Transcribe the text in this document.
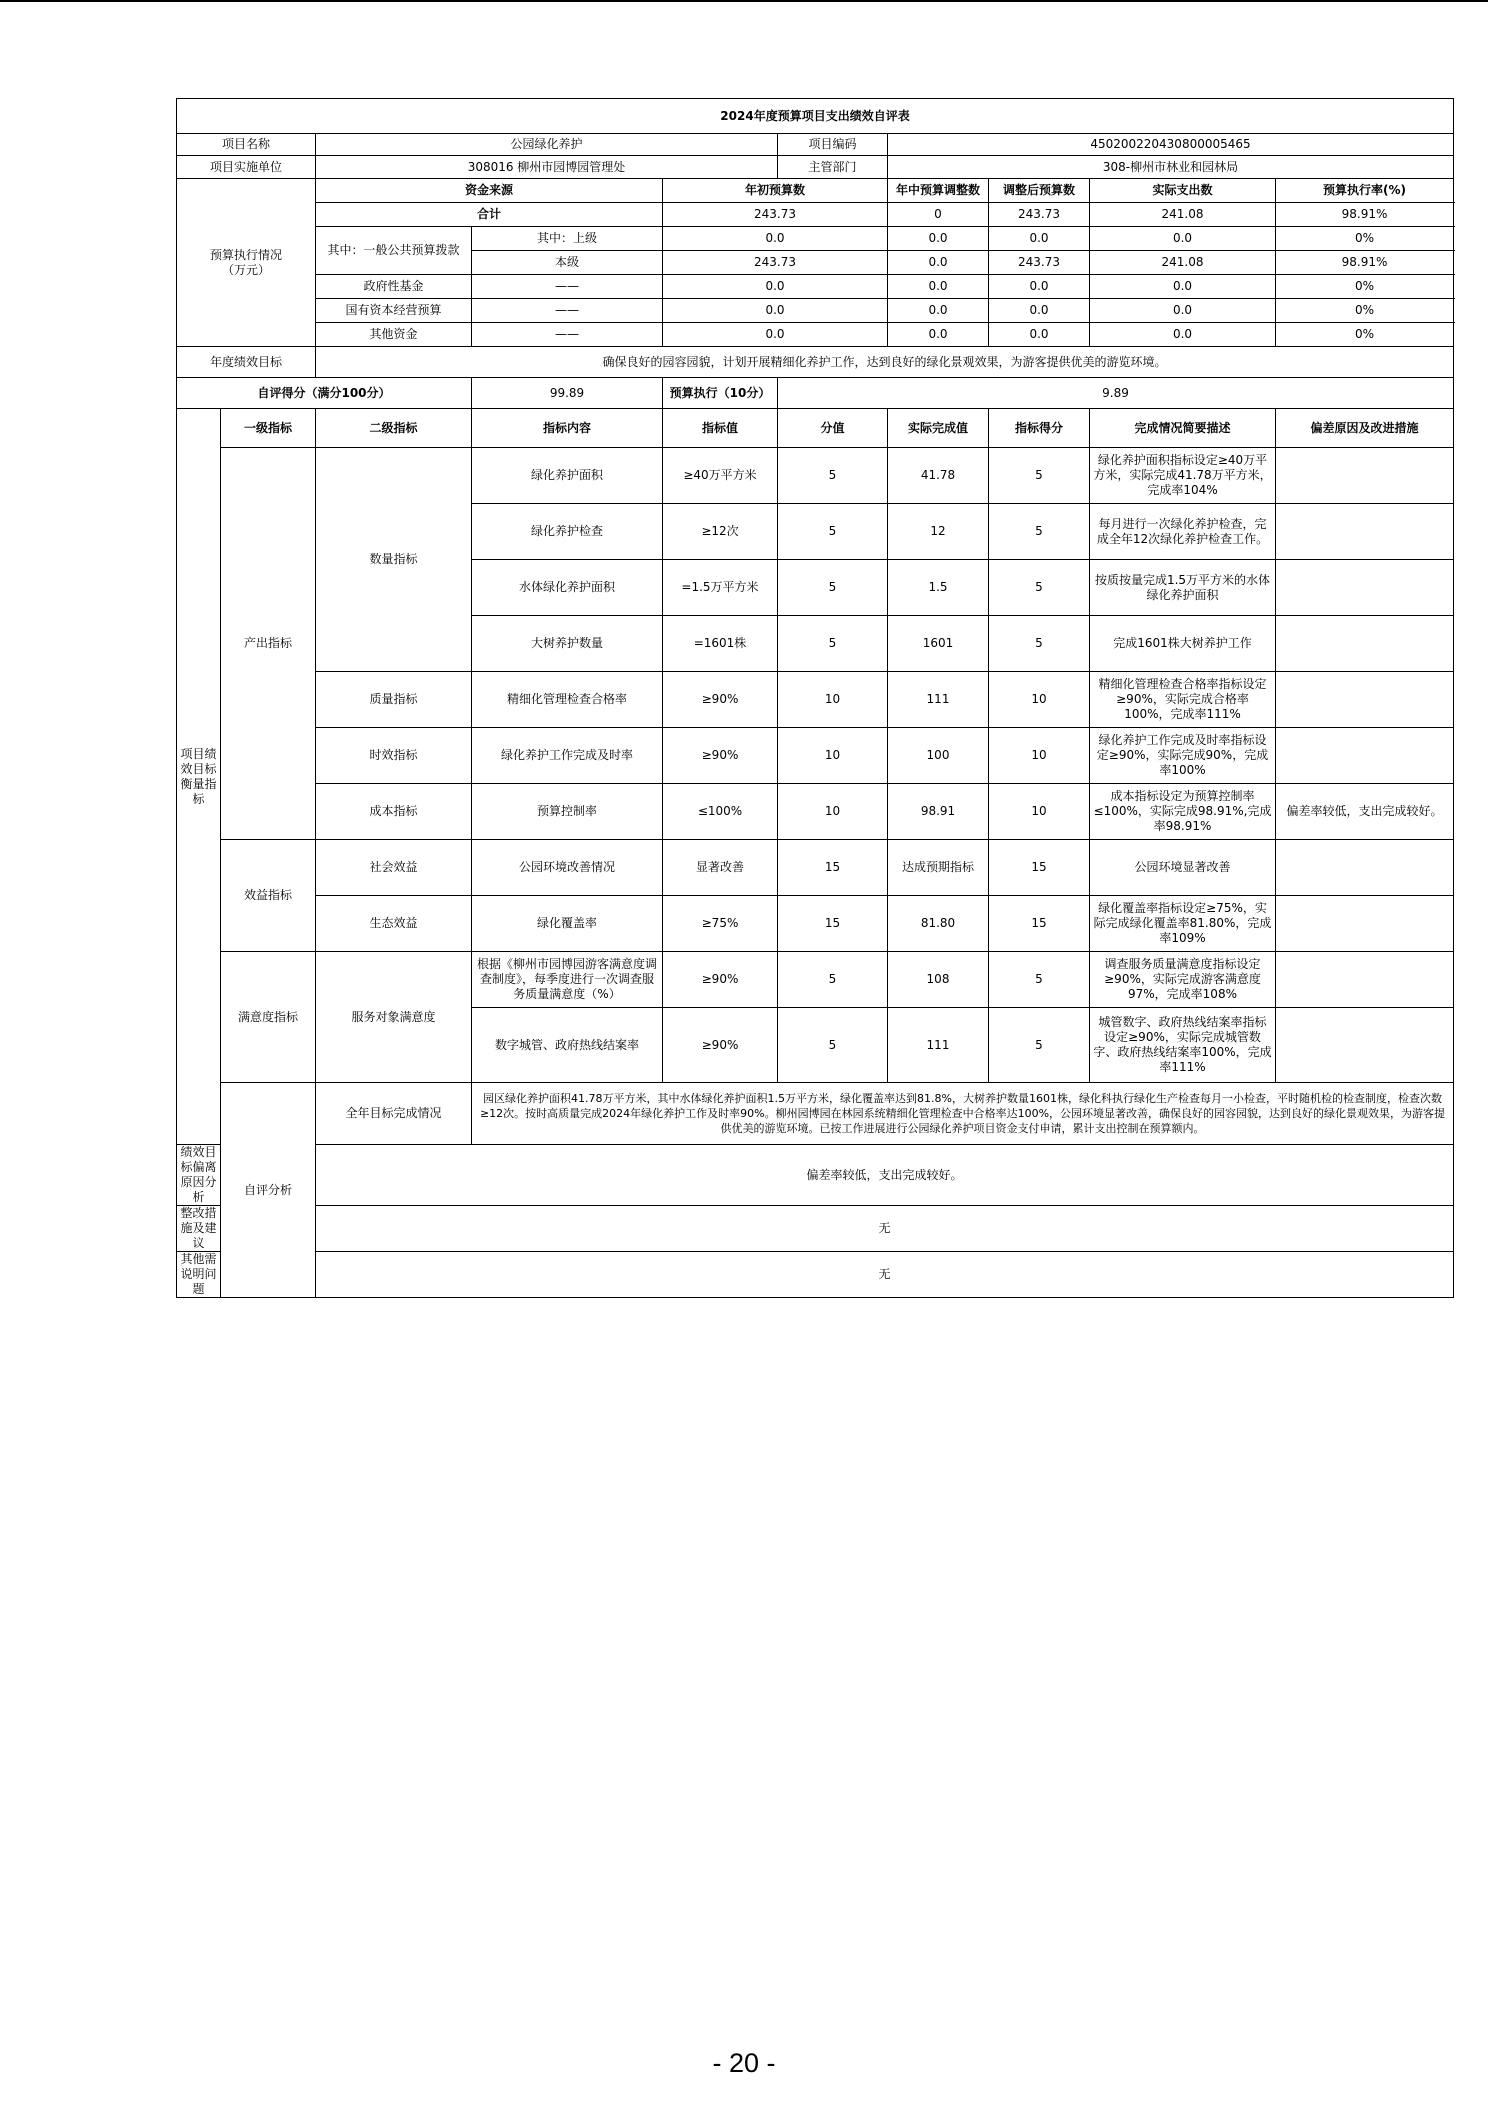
2024年度预算项目支出绩效自评表									
项目名称		公园绿化养护			项目编码	450200220430800005465			
项目实施单位		308016 柳州市园博园管理处			主管部门	308-柳州市林业和园林局			
预算执行情况
（万元）		资金来源		年初预算数		年中预算调整数	调整后预算数	实际支出数	预算执行率(%)
		合计		243.73		0	243.73	241.08	98.91%
		其中：一般公共预算拨款	其中：上级	0.0		0.0	0.0	0.0	0%
			本级	243.73		0.0	243.73	241.08	98.91%
		政府性基金	——	0.0		0.0	0.0	0.0	0%
		国有资本经营预算	——	0.0		0.0	0.0	0.0	0%
		其他资金	——	0.0		0.0	0.0	0.0	0%
年度绩效目标		确保良好的园容园貌，计划开展精细化养护工作，达到良好的绿化景观效果，为游客提供优美的游览环境。							
自评得分（满分100分）			99.89	预算执行（10分）	9.89				
项目绩效目标衡量指标	一级指标	二级指标	指标内容	指标值	分值	实际完成值	指标得分	完成情况简要描述	偏差原因及改进措施
	产出指标	数量指标	绿化养护面积	≥40万平方米	5	41.78	5	绿化养护面积指标设定≥40万平方米，实际完成41.78万平方米，完成率104%	
			绿化养护检查	≥12次	5	12	5	每月进行一次绿化养护检查，完成全年12次绿化养护检查工作。	
			水体绿化养护面积	=1.5万平方米	5	1.5	5	按质按量完成1.5万平方米的水体绿化养护面积	
			大树养护数量	=1601株	5	1601	5	完成1601株大树养护工作	
		质量指标	精细化管理检查合格率	≥90%	10	111	10	精细化管理检查合格率指标设定≥90%，实际完成合格率100%，完成率111%	
		时效指标	绿化养护工作完成及时率	≥90%	10	100	10	绿化养护工作完成及时率指标设定≥90%，实际完成90%，完成率100%	
		成本指标	预算控制率	≤100%	10	98.91	10	成本指标设定为预算控制率≤100%，实际完成98.91%,完成率98.91%	偏差率较低，支出完成较好。
	效益指标	社会效益	公园环境改善情况	显著改善	15	达成预期指标	15	公园环境显著改善	
		生态效益	绿化覆盖率	≥75%	15	81.80	15	绿化覆盖率指标设定≥75%，实际完成绿化覆盖率81.80%，完成率109%	
	满意度指标	服务对象满意度	根据《柳州市园博园游客满意度调查制度》，每季度进行一次调查服务质量满意度（%）	≥90%	5	108	5	调查服务质量满意度指标设定≥90%，实际完成游客满意度97%，完成率108%	
			数字城管、政府热线结案率	≥90%	5	111	5	城管数字、政府热线结案率指标设定≥90%，实际完成城管数字、政府热线结案率100%，完成率111%	
	自评分析	全年目标完成情况	园区绿化养护面积41.78万平方米，其中水体绿化养护面积1.5万平方米，绿化覆盖率达到81.8%，大树养护数量1601株，绿化科执行绿化生产检查每月一小检查，平时随机检的检查制度，检查次数≥12次。按时高质量完成2024年绿化养护工作及时率90%。柳州园博园在林园系统精细化管理检查中合格率达100%，公园环境显著改善，确保良好的园容园貌，达到良好的绿化景观效果，为游客提供优美的游览环境。已按工作进展进行公园绿化养护项目资金支付申请，累计支出控制在预算额内。						
绩效目标偏离原因分析		偏差率较低，支出完成较好。							
整改措施及建议		无							
其他需说明问题		无							
- 20 -
